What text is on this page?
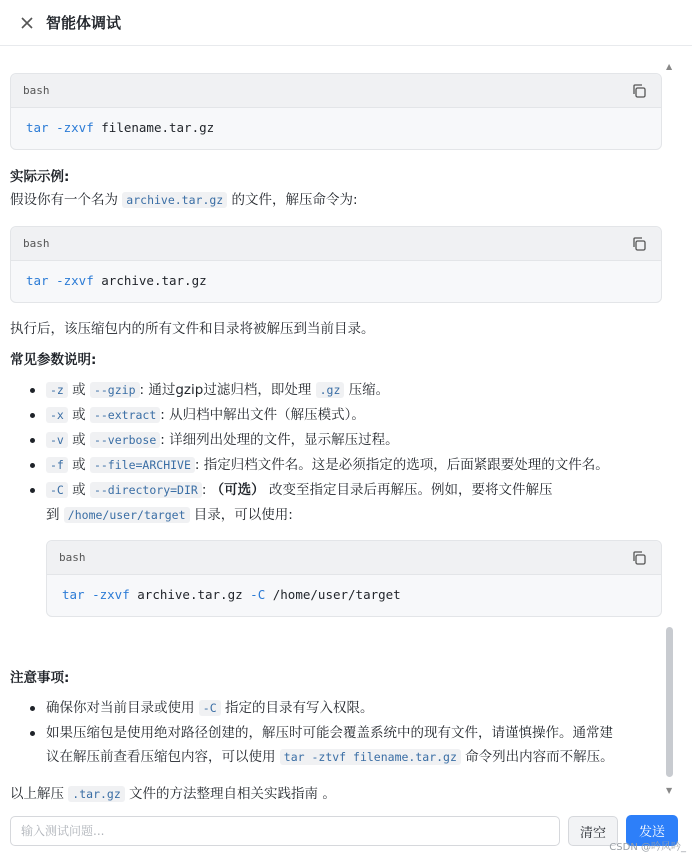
智能体调试
bash
tar -zxvf filename.tar.gz
实际示例:
假设你有一个名为 archive.tar.gz 的文件，解压命令为:
bash
tar -zxvf archive.tar.gz
执行后，该压缩包内的所有文件和目录将被解压到当前目录。
常见参数说明:
-z 或 --gzip : 通过gzip过滤归档，即处理 .gz 压缩。
-x 或 --extract : 从归档中解出文件（解压模式）。
-v 或 --verbose : 详细列出处理的文件，显示解压过程。
-f 或 --file=ARCHIVE : 指定归档文件名。这是必须指定的选项，后面紧跟要处理的文件名。
-C 或 --directory=DIR : （可选） 改变至指定目录后再解压。例如，要将文件解压
到 /home/user/target 目录，可以使用:
bash
tar -zxvf archive.tar.gz -C /home/user/target
注意事项:
确保你对当前目录或使用 -C 指定的目录有写入权限。
如果压缩包是使用绝对路径创建的，解压时可能会覆盖系统中的现有文件，请谨慎操作。通常建
议在解压前查看压缩包内容，可以使用 tar -ztvf filename.tar.gz 命令列出内容而不解压。
以上解压 .tar.gz 文件的方法整理自相关实践指南 。
▲
▼
输入测试问题...
清空	发送
CSDN @吟风吟_
